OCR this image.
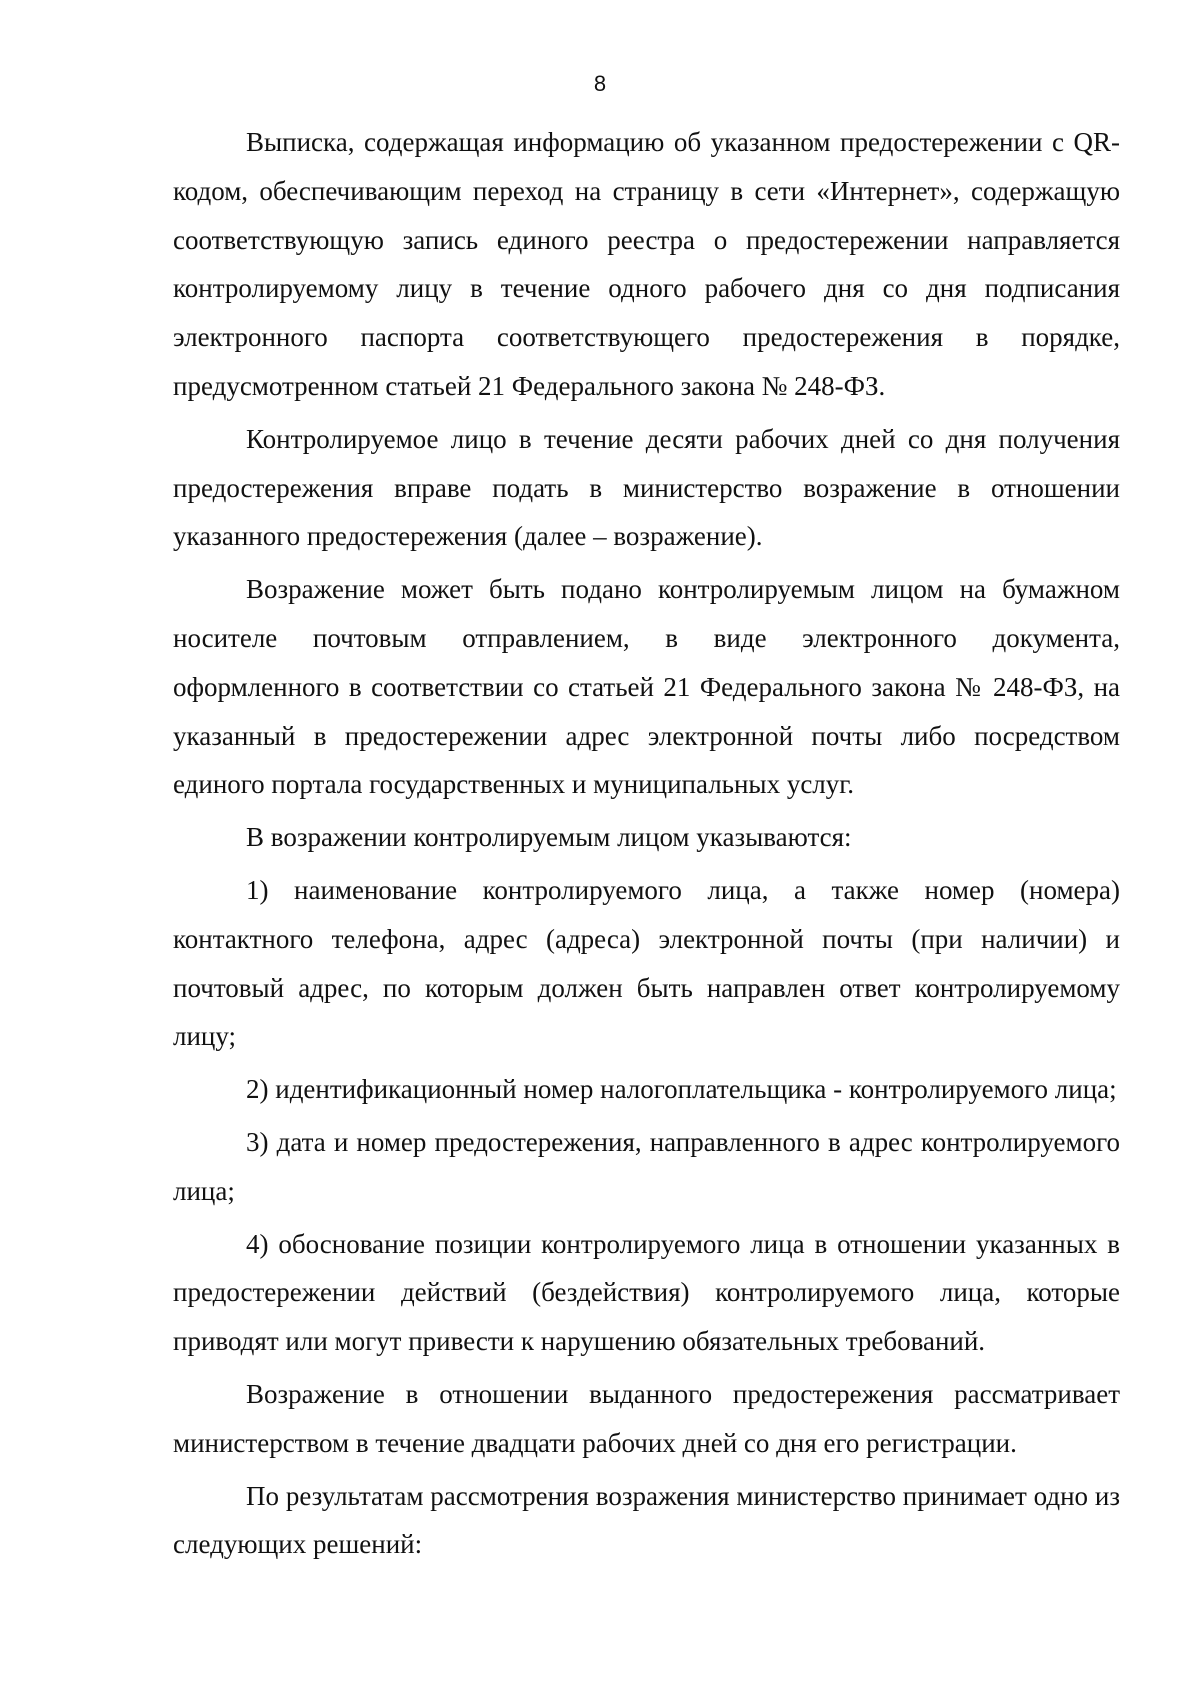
8

Выписка, содержащая информацию об указанном предостережении с QR-кодом, обеспечивающим переход на страницу в сети «Интернет», содержащую соответствующую запись единого реестра о предостережении направляется контролируемому лицу в течение одного рабочего дня со дня подписания электронного паспорта соответствующего предостережения в порядке, предусмотренном статьей 21 Федерального закона № 248-ФЗ.

Контролируемое лицо в течение десяти рабочих дней со дня получения предостережения вправе подать в министерство возражение в отношении указанного предостережения (далее – возражение).

Возражение может быть подано контролируемым лицом на бумажном носителе почтовым отправлением, в виде электронного документа, оформленного в соответствии со статьей 21 Федерального закона № 248-ФЗ, на указанный в предостережении адрес электронной почты либо посредством единого портала государственных и муниципальных услуг.

В возражении контролируемым лицом указываются:

1) наименование контролируемого лица, а также номер (номера) контактного телефона, адрес (адреса) электронной почты (при наличии) и почтовый адрес, по которым должен быть направлен ответ контролируемому лицу;

2) идентификационный номер налогоплательщика - контролируемого лица;

3) дата и номер предостережения, направленного в адрес контролируемого лица;

4) обоснование позиции контролируемого лица в отношении указанных в предостережении действий (бездействия) контролируемого лица, которые приводят или могут привести к нарушению обязательных требований.

Возражение в отношении выданного предостережения рассматривает министерством в течение двадцати рабочих дней со дня его регистрации.

По результатам рассмотрения возражения министерство принимает одно из следующих решений:
